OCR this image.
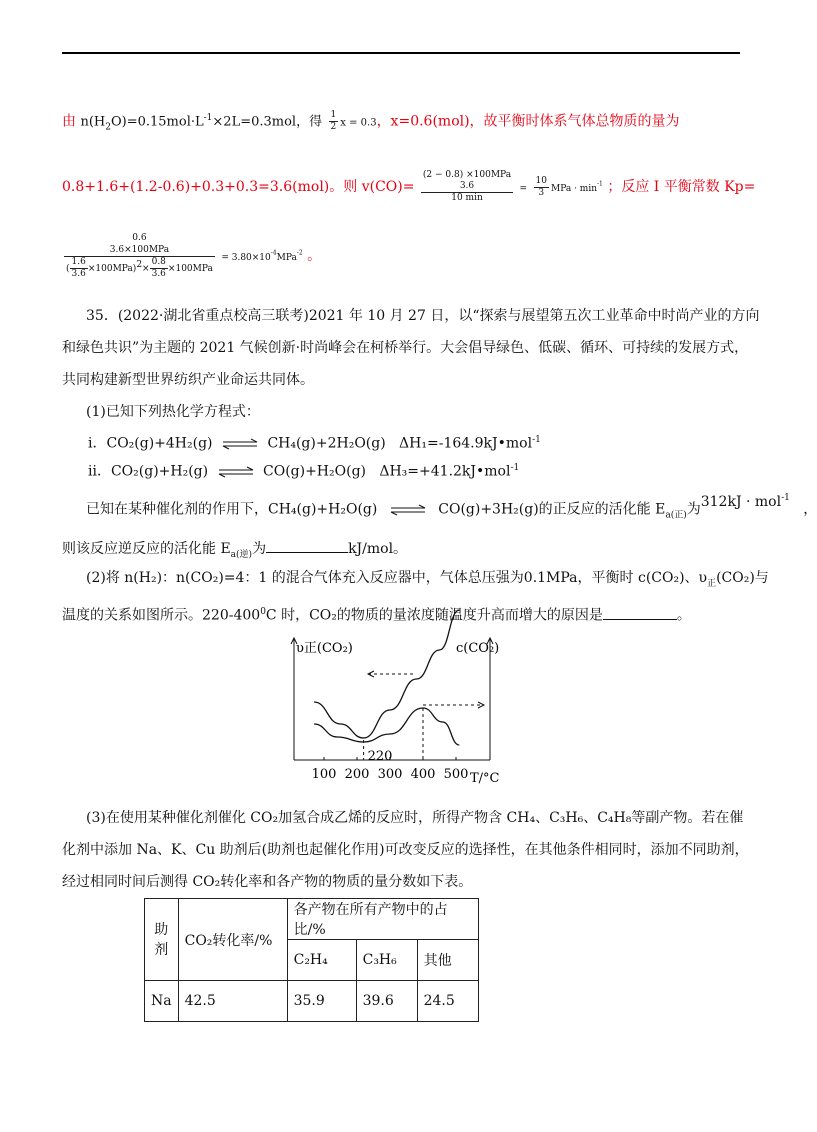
由 $n(H_2O)=0.15mol\cdot L^{-1}\times 2L=0.3mol$，得 $\frac{1}{2}$ x = 0.3，x=0.6(mol)，故平衡时体系气体总物质的量为
0.8+1.6+(1.2-0.6)+0.3+0.3=3.6(mol)。则 v(CO)=
(2 − 0.8) ×100MPa
3.6
10 min
= $\frac{10}{3}$ MPa · $\min^{-1}$ ；反应 I 平衡常数 Kp=
0.6
3.6×100MPa
( $\frac{1.6}{3.6} \times 100MPa)^2\times \frac{0.8}{3.6} \times 100MPa$
= $3.80\times 10^{-4}MPa^{-2}$ 。
35．(2022·湖北省重点校高三联考)2021 年 10 月 27 日，以“探索与展望第五次工业革命中时尚产业的方向
和绿色共识”为主题的 2021 气候创新·时尚峰会在柯桥举行。大会倡导绿色、低碳、循环、可持续的发展方式，
共同构建新型世界纺织产业命运共同体。
(1)已知下列热化学方程式：
ⅰ．CO₂(g)+4H₂(g) ⇌ CH₄(g)+2H₂O(g) ΔH₁=-164.9kJ•mol$^{-1}$
ⅱ．CO₂(g)+H₂(g) ⇌ CO(g)+H₂O(g) ΔH₃=+41.2kJ•mol$^{-1}$
已知在某种催化剂的作用下，CH₄(g)+H₂O(g) ⇌ CO(g)+3H₂(g)的正反应的活化能 $E_{a(正)}$为312kJ · mol$^{-1}$   ，
则该反应逆反应的活化能 $E_{a(逆)}$为	kJ/mol。
(2)将 n(H₂)：n(CO₂)=4：1 的混合气体充入反应器中，气体总压强为0.1MPa，平衡时 c(CO₂)、$\upsilon_正(CO_2)$与
温度的关系如图所示。$220-400^0C$ 时，CO₂的物质的量浓度随温度升高而增大的原因是	。
100 200 300 400 500
υ正(CO₂)	c(CO₂)
T/°C
220
(3)在使用某种催化剂催化 CO₂加氢合成乙烯的反应时，所得产物含 CH₄、C₃H₆、C₄H₈等副产物。若在催
化剂中添加 Na、K、Cu 助剂后(助剂也起催化作用)可改变反应的选择性，在其他条件相同时，添加不同助剂，
经过相同时间后测得 CO₂转化率和各产物的物质的量分数如下表。
助
剂	CO₂转化率/%	各产物在所有产物中的占比/%		
		C₂H₄	C₃H₆	其他
Na	42.5	35.9	39.6	24.5
